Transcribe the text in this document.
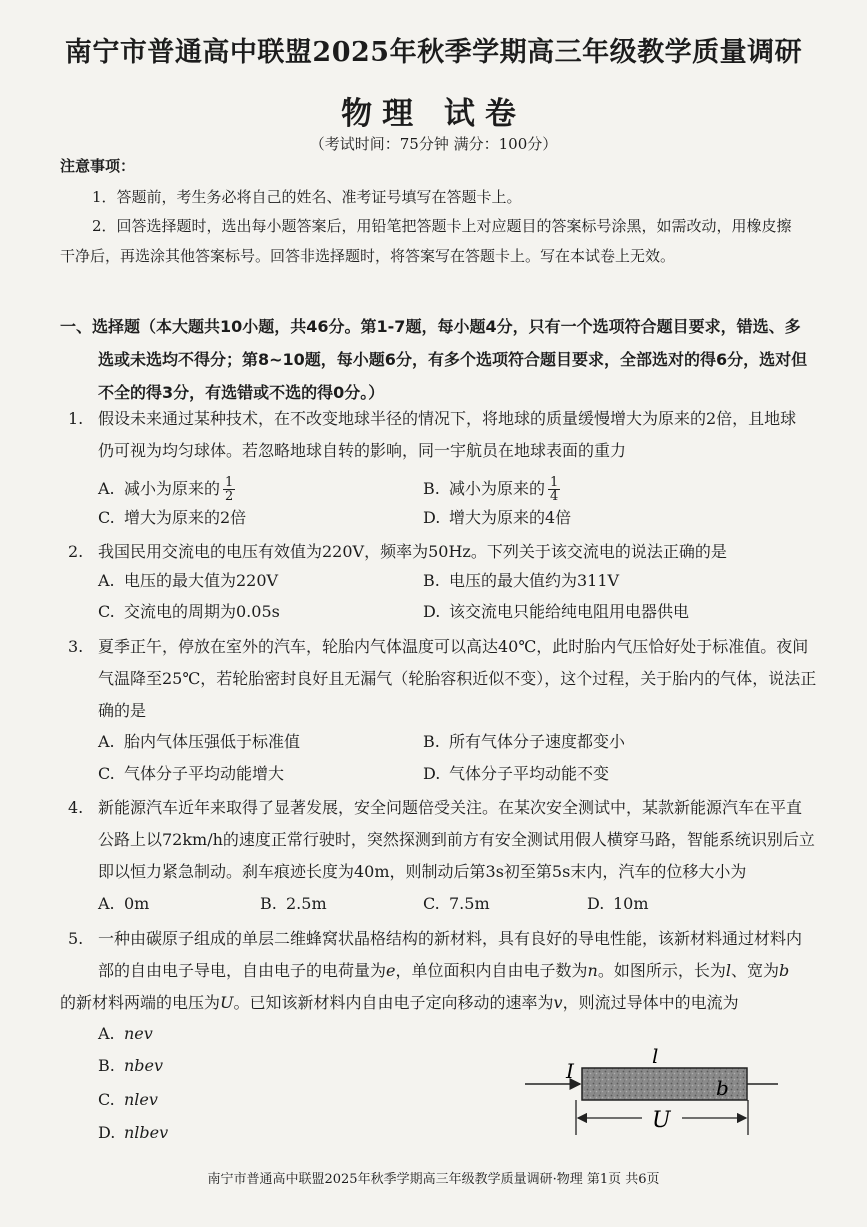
南宁市普通高中联盟2025年秋季学期高三年级教学质量调研
物理 试卷
（考试时间：75分钟 满分：100分）
注意事项：
1．答题前，考生务必将自己的姓名、准考证号填写在答题卡上。
2．回答选择题时，选出每小题答案后，用铅笔把答题卡上对应题目的答案标号涂黑，如需改动，用橡皮擦
干净后，再选涂其他答案标号。回答非选择题时，将答案写在答题卡上。写在本试卷上无效。
一、选择题（本大题共10小题，共46分。第1-7题，每小题4分，只有一个选项符合题目要求，错选、多
选或未选均不得分；第8~10题，每小题6分，有多个选项符合题目要求，全部选对的得6分，选对但
不全的得3分，有选错或不选的得0分。）
1. 假设未来通过某种技术，在不改变地球半径的情况下，将地球的质量缓慢增大为原来的2倍，且地球
仍可视为均匀球体。若忽略地球自转的影响，同一宇航员在地球表面的重力
A. 减小为原来的 $\frac{1}{2}$	B. 减小为原来的 $\frac{1}{4}$
C. 增大为原来的2倍	D. 增大为原来的4倍
2. 我国民用交流电的电压有效值为220V，频率为50Hz。下列关于该交流电的说法正确的是
A. 电压的最大值为220V	B. 电压的最大值约为311V
C. 交流电的周期为0.05s	D. 该交流电只能给纯电阻用电器供电
3. 夏季正午，停放在室外的汽车，轮胎内气体温度可以高达40℃，此时胎内气压恰好处于标准值。夜间
气温降至25℃，若轮胎密封良好且无漏气（轮胎容积近似不变），这个过程，关于胎内的气体，说法正
确的是
A. 胎内气体压强低于标准值	B. 所有气体分子速度都变小
C. 气体分子平均动能增大	D. 气体分子平均动能不变
4. 新能源汽车近年来取得了显著发展，安全问题倍受关注。在某次安全测试中，某款新能源汽车在平直
公路上以72km/h的速度正常行驶时，突然探测到前方有安全测试用假人横穿马路，智能系统识别后立
即以恒力紧急制动。刹车痕迹长度为40m，则制动后第3s初至第5s末内，汽车的位移大小为
A. 0m	B. 2.5m	C. 7.5m	D. 10m
5. 一种由碳原子组成的单层二维蜂窝状晶格结构的新材料，具有良好的导电性能，该新材料通过材料内
部的自由电子导电，自由电子的电荷量为e，单位面积内自由电子数为n。如图所示，长为l、宽为b
的新材料两端的电压为U。已知该新材料内自由电子定向移动的速率为v，则流过导体中的电流为
A. nev
B. nbev
C. nlev
D. nlbev
I
l
b
U
南宁市普通高中联盟2025年秋季学期高三年级教学质量调研·物理 第1页 共6页
